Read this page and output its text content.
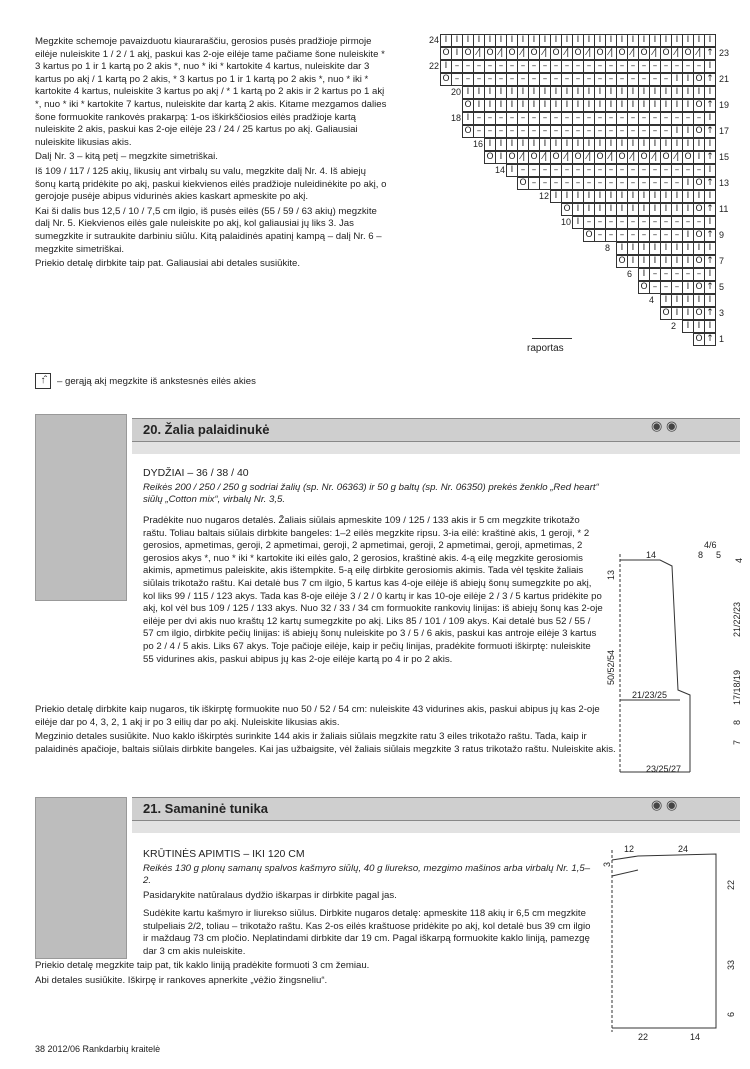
Megzkite schemoje pavaizduotu kiauraraščiu, gerosios pusės pradžioje pirmoje eilėje nuleiskite 1 / 2 / 1 akį, paskui kas 2-oje eilėje tame pačiame šone nuleiskite * 3 kartus po 1 ir 1 kartą po 2 akis *, nuo * iki * kartokite 4 kartus, nuleiskite dar 3 kartus po akį / 1 kartą po 2 akis, * 3 kartus po 1 ir 1 kartą po 2 akis *, nuo * iki * kartokite 4 kartus, nuleiskite 3 kartus po akį / * 1 kartą po 2 akis ir 2 kartus po 1 akį *, nuo * iki * kartokite 7 kartus, nuleiskite dar kartą 2 akis. Kitame mezgamos dalies šone formuokite rankovės prakarpą: 1-os iškirkščiosios eilės pradžioje kartą nuleiskite 2 akis, paskui kas 2-oje eilėje 23 / 24 / 25 kartus po akį. Galiausiai nuleiskite likusias akis.

Dalį Nr. 3 – kitą petį – megzkite simetriškai.

Iš 109 / 117 / 125 akių, likusių ant virbalų su valu, megzkite dalį Nr. 4. Iš abiejų šonų kartą pridėkite po akį, paskui kiekvienos eilės pradžioje nuleidinėkite po akį, o gerojoje pusėje abipus vidurinės akies kaskart apmeskite po akį.

Kai ši dalis bus 12,5 / 10 / 7,5 cm ilgio, iš pusės eilės (55 / 59 / 63 akių) megzkite dalį Nr. 5. Kiekvienos eilės gale nuleiskite po akį, kol galiausiai jų liks 3. Jas sumegzkite ir sutraukite darbiniu siūlu. Kitą palaidinės apatinį kampą – dalį Nr. 6 – megzkite simetriškai.

Priekio detalę dirbkite taip pat. Galiausiai abi detales susiūkite.

I I I I I I I I I I I I I I I I I I I I I I I I I
24
O I O ⁄| O ⁄| O ⁄| O ⁄| O ⁄| O ⁄| O ⁄| O ⁄| O ⁄| O ⁄| O ⁄| ↑ 23
I – – – – – – – – – – – – – – – – – – – – – – – I
22
O – – – – – – – – – – – – – – – – – – – – I I O ↑ 21
I I I I I I I I I I I I I I I I I I I I I I I
20
O I I I I I I I I I I I I I I I I I I I I O ↑ 19
I – – – – – – – – – – – – – – – – – – – – – I
18
O – – – – – – – – – – – – – – – – – – I I O ↑ 17
I I I I I I I I I I I I I I I I I I I I I
16
O I O ⁄| O ⁄| O ⁄| O ⁄| O ⁄| O ⁄| O ⁄| O ⁄| O I ↑ 15
I – – – – – – – – – – – – – – – – – I
14
O – – – – – – – – – – – – – – I O ↑ 13
I I I I I I I I I I I I I I I
12
O I I I I I I I I I I I O ↑ 11
I – – – – – – – – – – – I
10
O – – – – – – – – I O ↑ 9
I I I I I I I I I
8
O I I I I I I O ↑ 7
I – – – – – I
6
O – – – I O ↑ 5
I I I I I
4
O I I O ↑ 3
I I I
2
O ↑ 1
raportas
↑̂	– gerąją akį megzkite iš ankstesnės eilės akies
20. Žalia palaidinukė	◉ ◉

DYDŽIAI – 36 / 38 / 40

Reikės 200 / 250 / 250 g sodriai žalių (sp. Nr. 06363) ir 50 g baltų (sp. Nr. 06350) prekės ženklo „Red heart“ siūlų „Cotton mix“, virbalų Nr. 3,5.

Pradėkite nuo nugaros detalės. Žaliais siūlais apmeskite 109 / 125 / 133 akis ir 5 cm megzkite trikotažo raštu. Toliau baltais siūlais dirbkite bangeles: 1–2 eilės megzkite ripsu. 3-ia eilė: kraštinė akis, 1 geroji, * 2 gerosios, apmetimas, geroji, 2 apmetimai, geroji, 2 apmetimai, geroji, 2 apmetimai, geroji, apmetimas, 2 gerosios akys *, nuo * iki * kartokite iki eilės galo, 2 gerosios, kraštinė akis. 4-ą eilę megzkite gerosiomis akimis, apmetimus paleiskite, akis ištempkite. 5-ą eilę dirbkite gerosiomis akimis. Tada vėl tęskite žaliais siūlais trikotažo raštu. Kai detalė bus 7 cm ilgio, 5 kartus kas 4-oje eilėje iš abiejų šonų sumegzkite po akį, kol liks 99 / 115 / 123 akys. Tada kas 8-oje eilėje 3 / 2 / 0 kartų ir kas 10-oje eilėje 2 / 3 / 5 kartus pridėkite po akį, kol vėl bus 109 / 125 / 133 akys. Nuo 32 / 33 / 34 cm formuokite rankovių linijas: iš abiejų šonų kas 2-oje eilėje per dvi akis nuo kraštų 12 kartų sumegzkite po akį. Liks 85 / 101 / 109 akys. Kai detalė bus 52 / 55 / 57 cm ilgio, dirbkite pečių linijas: iš abiejų šonų nuleiskite po 3 / 5 / 6 akis, paskui kas antroje eilėje 3 kartus po 2 / 4 / 5 akis. Liks 67 akys. Toje pačioje eilėje, kaip ir pečių linijas, pradėkite formuoti iškirptę: nuleiskite 55 vidurines akis, paskui abipus jų kas 2-oje eilėje kartą po 4 ir po 2 akis.

Priekio detalę dirbkite kaip nugaros, tik iškirptę formuokite nuo 50 / 52 / 54 cm: nuleiskite 43 vidurines akis, paskui abipus jų kas 2-oje eilėje dar po 4, 3, 2, 1 akį ir po 3 eilių dar po akį. Nuleiskite likusias akis.

Megzinio detales susiūkite. Nuo kaklo iškirptės surinkite 144 akis ir žaliais siūlais megzkite ratu 3 eiles trikotažo raštu. Tada, kaip ir palaidinės apačioje, baltais siūlais dirbkite bangeles. Kai jas užbaigsite, vėl žaliais siūlais megzkite 3 ratus trikotažo raštu. Nuleiskite akis.

4/6
14	8 5
13
4
21/22/23
50/52/54
17/18/19
8
7
21/23/25
23/25/27
21. Samaninė tunika	◉ ◉

KRŪTINĖS APIMTIS – IKI 120 CM

Reikės 130 g plonų samanų spalvos kašmyro siūlų, 40 g liurekso, mezgimo mašinos arba virbalų Nr. 1,5–2.

Pasidarykite natūralaus dydžio iškarpas ir dirbkite pagal jas.

Sudėkite kartu kašmyro ir liurekso siūlus. Dirbkite nugaros detalę: apmeskite 118 akių ir 6,5 cm megzkite stulpeliais 2/2, toliau – trikotažo raštu. Kas 2-os eilės kraštuose pridėkite po akį, kol detalė bus 39 cm ilgio ir maždaug 73 cm pločio. Neplatindami dirbkite dar 19 cm. Pagal iškarpą formuokite kaklo liniją, pamezgę dar 3 cm akis nuleiskite.

Priekio detalę megzkite taip pat, tik kaklo liniją pradėkite formuoti 3 cm žemiau.

Abi detales susiūkite. Iškirpę ir rankoves apnerkite „vėžio žingsneliu“.

12	24
3
22
33
6
22	14
38 2012/06 Rankdarbių kraitelė
